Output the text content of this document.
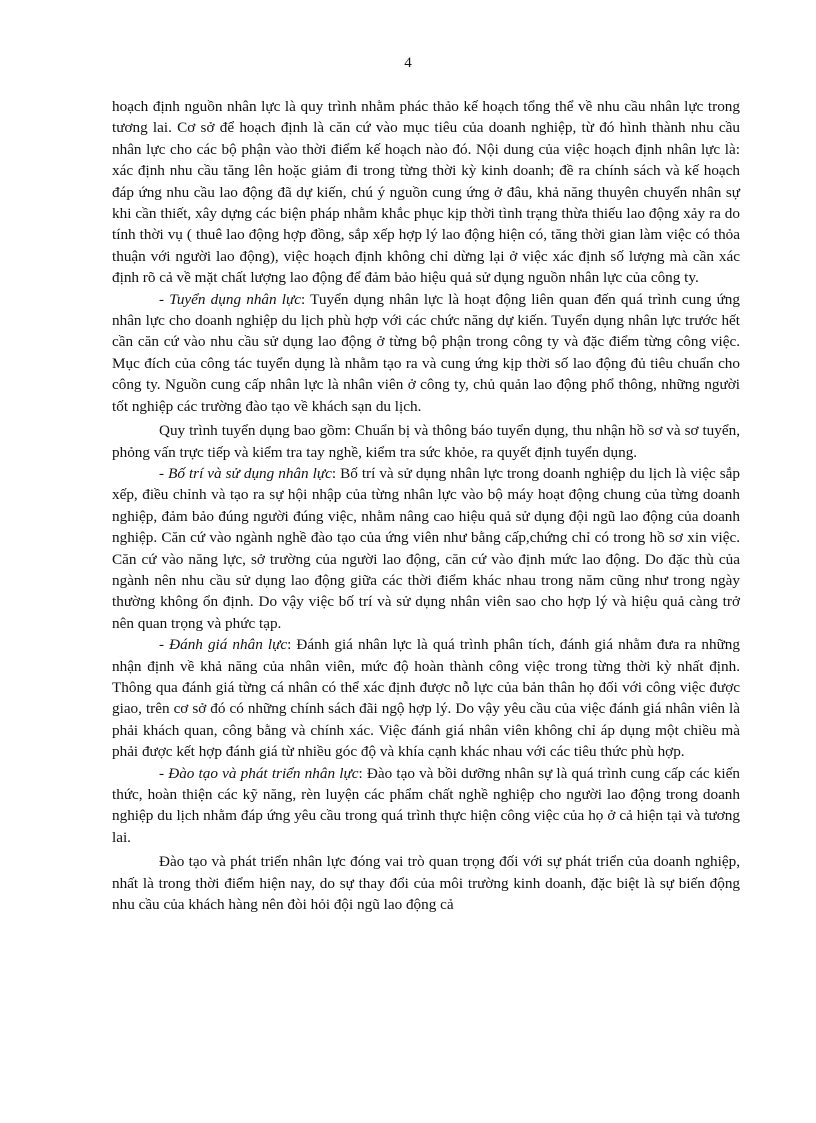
4

hoạch định nguồn nhân lực là quy trình nhằm phác thảo kế hoạch tổng thể về nhu cầu nhân lực trong tương lai. Cơ sở để hoạch định là căn cứ vào mục tiêu của doanh nghiệp, từ đó hình thành nhu cầu nhân lực cho các bộ phận vào thời điểm kế hoạch nào đó. Nội dung của việc hoạch định nhân lực là: xác định nhu cầu tăng lên hoặc giảm đi trong từng thời kỳ kinh doanh; đề ra chính sách và kế hoạch đáp ứng nhu cầu lao động đã dự kiến, chú ý nguồn cung ứng ở đâu, khả năng thuyên chuyển nhân sự khi cần thiết, xây dựng các biện pháp nhằm khắc phục kịp thời tình trạng thừa thiếu lao động xảy ra do tính thời vụ ( thuê lao động hợp đồng, sắp xếp hợp lý lao động hiện có, tăng thời gian làm việc có thỏa thuận với người lao động), việc hoạch định không chỉ dừng lại ở việc xác định số lượng mà cần xác định rõ cả về mặt chất lượng lao động để đảm bảo hiệu quả sử dụng nguồn nhân lực của công ty.

- Tuyển dụng nhân lực: Tuyển dụng nhân lực là hoạt động liên quan đến quá trình cung ứng nhân lực cho doanh nghiệp du lịch phù hợp với các chức năng dự kiến. Tuyển dụng nhân lực trước hết cần căn cứ vào nhu cầu sử dụng lao động ở từng bộ phận trong công ty và đặc điểm từng công việc. Mục đích của công tác tuyển dụng là nhằm tạo ra và cung ứng kịp thời số lao động đủ tiêu chuẩn cho công ty. Nguồn cung cấp nhân lực là nhân viên ở công ty, chủ quản lao động phổ thông, những người tốt nghiệp các trường đào tạo về khách sạn du lịch.

Quy trình tuyển dụng bao gồm: Chuẩn bị và thông báo tuyển dụng, thu nhận hồ sơ và sơ tuyển, phỏng vấn trực tiếp và kiểm tra tay nghề, kiểm tra sức khỏe, ra quyết định tuyển dụng.

- Bố trí và sử dụng nhân lực: Bố trí và sử dụng nhân lực trong doanh nghiệp du lịch là việc sắp xếp, điều chỉnh và tạo ra sự hội nhập của từng nhân lực vào bộ máy hoạt động chung của từng doanh nghiệp, đảm bảo đúng người đúng việc, nhằm nâng cao hiệu quả sử dụng đội ngũ lao động của doanh nghiệp. Căn cứ vào ngành nghề đào tạo của ứng viên như bằng cấp,chứng chỉ có trong hồ sơ xin việc. Căn cứ vào năng lực, sở trường của người lao động, căn cứ vào định mức lao động. Do đặc thù của ngành nên nhu cầu sử dụng lao động giữa các thời điểm khác nhau trong năm cũng như trong ngày thường không ổn định. Do vậy việc bố trí và sử dụng nhân viên sao cho hợp lý và hiệu quả càng trở nên quan trọng và phức tạp.

- Đánh giá nhân lực: Đánh giá nhân lực là quá trình phân tích, đánh giá nhằm đưa ra những nhận định về khả năng của nhân viên, mức độ hoàn thành công việc trong từng thời kỳ nhất định. Thông qua đánh giá từng cá nhân có thể xác định được nỗ lực của bản thân họ đối với công việc được giao, trên cơ sở đó có những chính sách đãi ngộ hợp lý. Do vậy yêu cầu của việc đánh giá nhân viên là phải khách quan, công bằng và chính xác. Việc đánh giá nhân viên không chỉ áp dụng một chiều mà phải được kết hợp đánh giá từ nhiều góc độ và khía cạnh khác nhau với các tiêu thức phù hợp.

- Đào tạo và phát triển nhân lực: Đào tạo và bồi dưỡng nhân sự là quá trình cung cấp các kiến thức, hoàn thiện các kỹ năng, rèn luyện các phẩm chất nghề nghiệp cho người lao động trong doanh nghiệp du lịch nhằm đáp ứng yêu cầu trong quá trình thực hiện công việc của họ ở cả hiện tại và tương lai.

Đào tạo và phát triển nhân lực đóng vai trò quan trọng đối với sự phát triển của doanh nghiệp, nhất là trong thời điểm hiện nay, do sự thay đổi của môi trường kinh doanh, đặc biệt là sự biến động nhu cầu của khách hàng nên đòi hỏi đội ngũ lao động cả
